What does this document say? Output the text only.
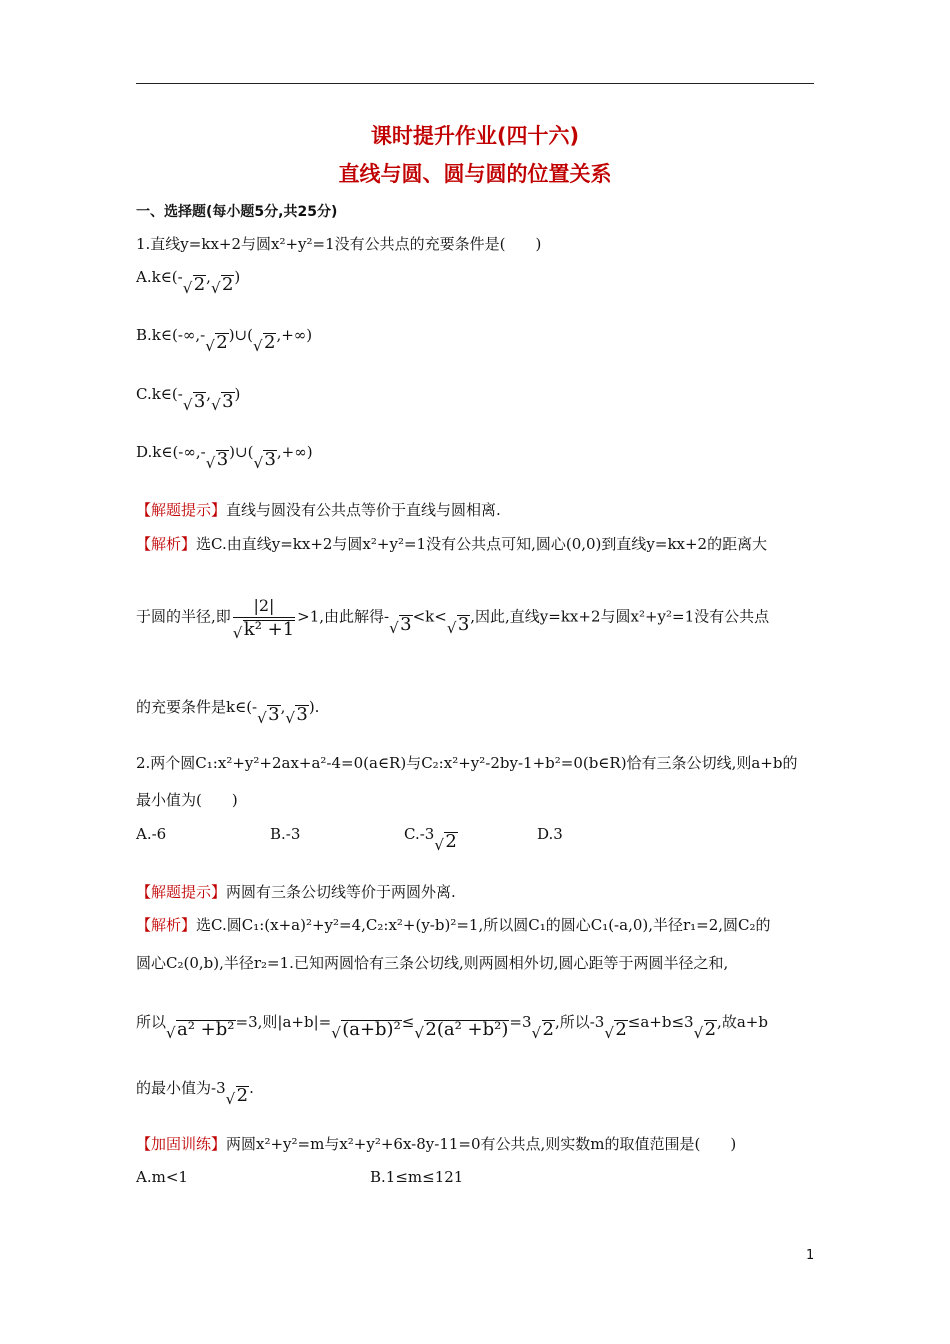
课时提升作业(四十六)
直线与圆、圆与圆的位置关系
一、选择题(每小题5分,共25分)
1.直线y=kx+2与圆x²+y²=1没有公共点的充要条件是(　　)
A.k∈(-
√ 2,
√ 2)
B.k∈(-∞,-
√ 2)∪(
√ 2,+∞)
C.k∈(-
√ 3,
√ 3)
D.k∈(-∞,-
√ 3)∪(
√ 3,+∞)
【解题提示】直线与圆没有公共点等价于直线与圆相离.
【解析】选C.由直线y=kx+2与圆x²+y²=1没有公共点可知,圆心(0,0)到直线y=kx+2的距离大
于圆的半径,即 $\frac{|2|}{\text{√ k² +1}} >1$,由此解得-
√ 3<k<
√ 3,因此,直线y=kx+2与圆x²+y²=1没有公共点
的充要条件是k∈(-
√ 3,
√ 3).
2.两个圆C₁:x²+y²+2ax+a²-4=0(a∈R)与C₂:x²+y²-2by-1+b²=0(b∈R)恰有三条公切线,则a+b的
最小值为(　　)
A.-6	B.-3	C.-3
√ 2	D.3
【解题提示】两圆有三条公切线等价于两圆外离.
【解析】选C.圆C₁:(x+a)²+y²=4,C₂:x²+(y-b)²=1,所以圆C₁的圆心C₁(-a,0),半径r₁=2,圆C₂的
圆心C₂(0,b),半径r₂=1.已知两圆恰有三条公切线,则两圆相外切,圆心距等于两圆半径之和,
所以
√ a² +b²=3,则|a+b|=
√ (a+b)²≤
√ 2(a² +b²)=3
√ 2,所以-3
√ 2≤a+b≤3
√ 2,故a+b
的最小值为-3
√ 2.
【加固训练】两圆x²+y²=m与x²+y²+6x-8y-11=0有公共点,则实数m的取值范围是(　　)
A.m<1	B.1≤m≤121
1
